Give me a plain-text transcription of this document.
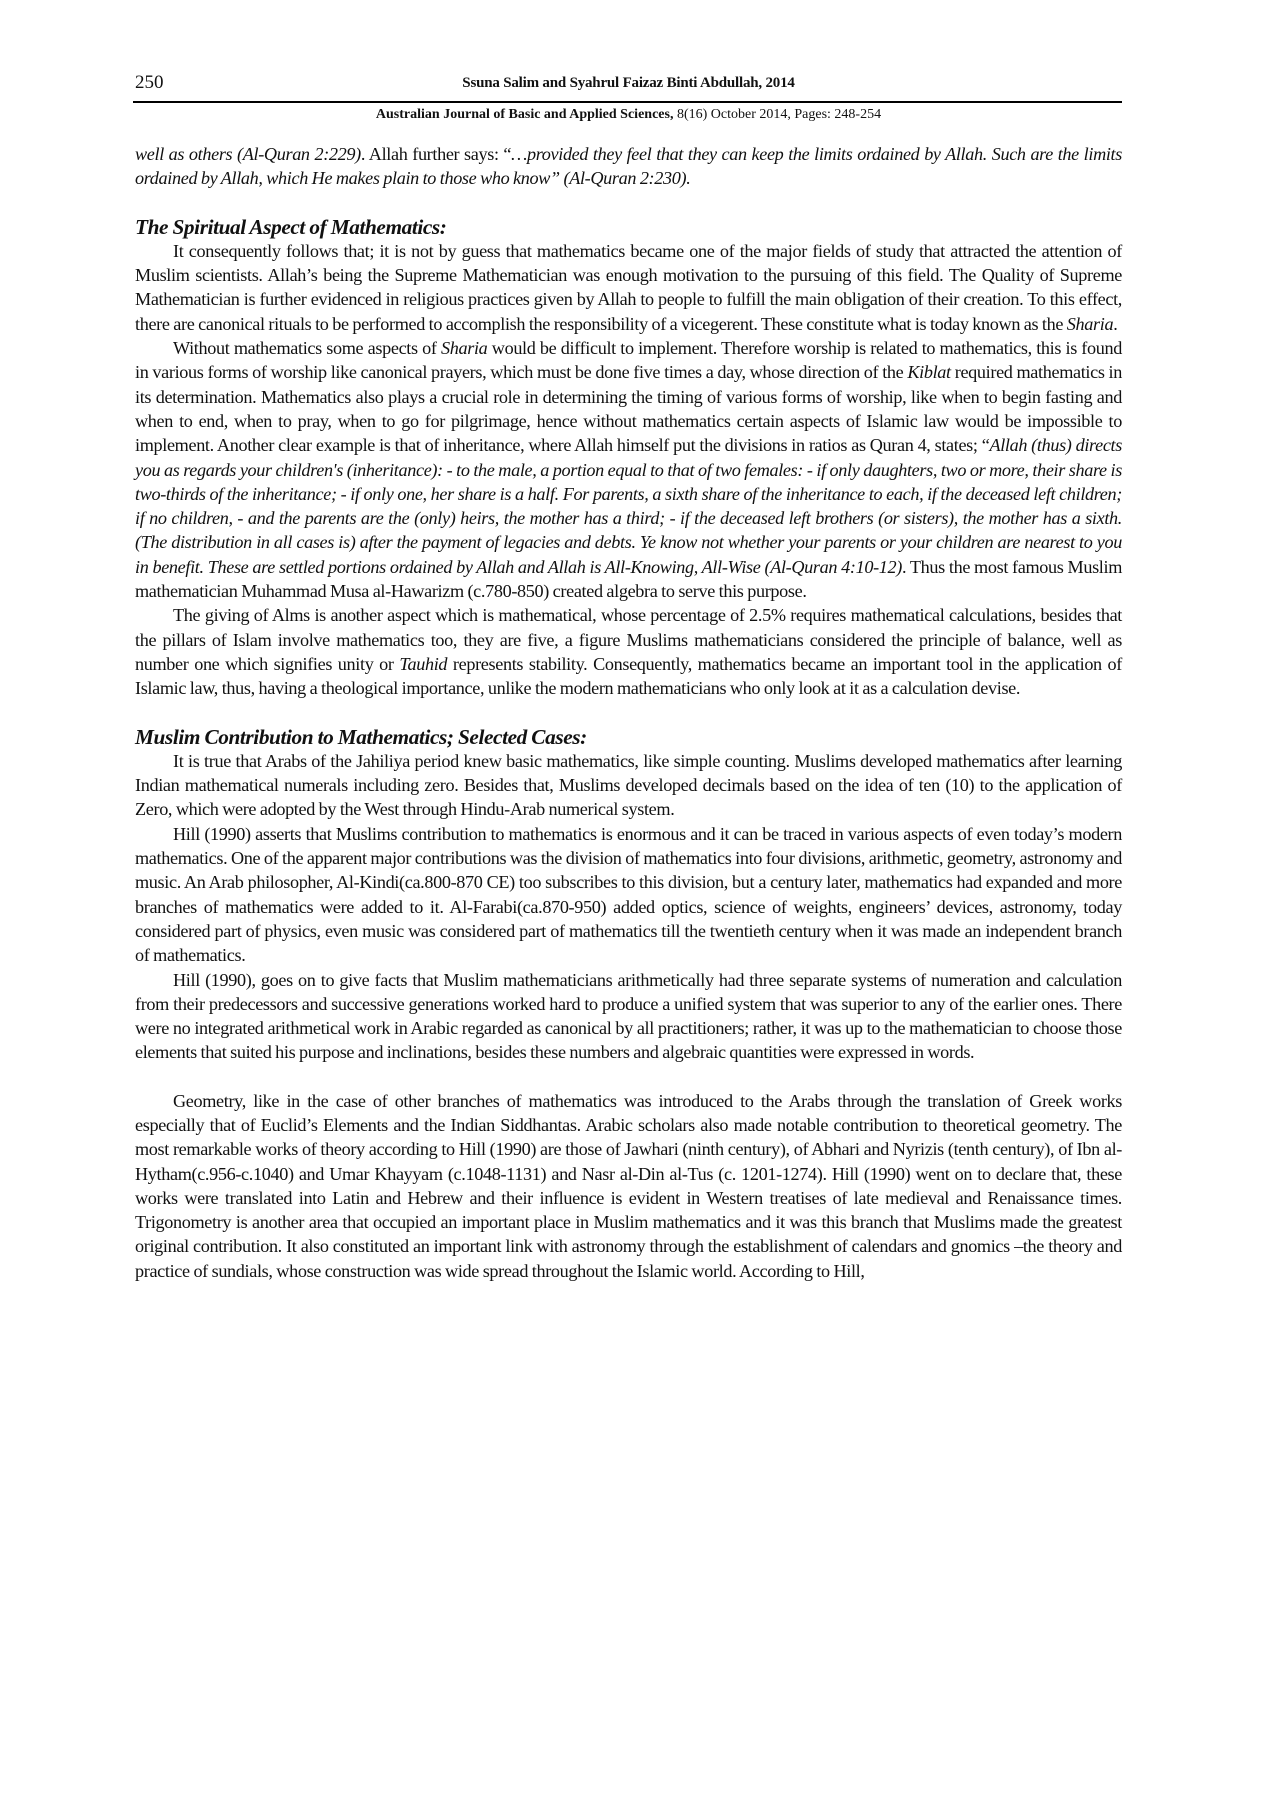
250	Ssuna Salim and Syahrul Faizaz Binti Abdullah, 2014
Australian Journal of Basic and Applied Sciences, 8(16) October 2014, Pages: 248-254

well as others (Al-Quran 2:229). Allah further says: “…provided they feel that they can keep the limits ordained by Allah. Such are the limits ordained by Allah, which He makes plain to those who know” (Al-Quran 2:230).

The Spiritual Aspect of Mathematics:

It consequently follows that; it is not by guess that mathematics became one of the major fields of study that attracted the attention of Muslim scientists. Allah’s being the Supreme Mathematician was enough motivation to the pursuing of this field. The Quality of Supreme Mathematician is further evidenced in religious practices given by Allah to people to fulfill the main obligation of their creation. To this effect, there are canonical rituals to be performed to accomplish the responsibility of a vicegerent. These constitute what is today known as the Sharia.

Without mathematics some aspects of Sharia would be difficult to implement. Therefore worship is related to mathematics, this is found in various forms of worship like canonical prayers, which must be done five times a day, whose direction of the Kiblat required mathematics in its determination. Mathematics also plays a crucial role in determining the timing of various forms of worship, like when to begin fasting and when to end, when to pray, when to go for pilgrimage, hence without mathematics certain aspects of Islamic law would be impossible to implement. Another clear example is that of inheritance, where Allah himself put the divisions in ratios as Quran 4, states; “Allah (thus) directs you as regards your children's (inheritance): - to the male, a portion equal to that of two females: - if only daughters, two or more, their share is two-thirds of the inheritance; - if only one, her share is a half. For parents, a sixth share of the inheritance to each, if the deceased left children; if no children, - and the parents are the (only) heirs, the mother has a third; - if the deceased left brothers (or sisters), the mother has a sixth. (The distribution in all cases is) after the payment of legacies and debts. Ye know not whether your parents or your children are nearest to you in benefit. These are settled portions ordained by Allah and Allah is All-Knowing, All-Wise (Al-Quran 4:10-12). Thus the most famous Muslim mathematician Muhammad Musa al-Hawarizm (c.780-850) created algebra to serve this purpose.

The giving of Alms is another aspect which is mathematical, whose percentage of 2.5% requires mathematical calculations, besides that the pillars of Islam involve mathematics too, they are five, a figure Muslims mathematicians considered the principle of balance, well as number one which signifies unity or Tauhid represents stability. Consequently, mathematics became an important tool in the application of Islamic law, thus, having a theological importance, unlike the modern mathematicians who only look at it as a calculation devise.

Muslim Contribution to Mathematics; Selected Cases:

It is true that Arabs of the Jahiliya period knew basic mathematics, like simple counting. Muslims developed mathematics after learning Indian mathematical numerals including zero. Besides that, Muslims developed decimals based on the idea of ten (10) to the application of Zero, which were adopted by the West through Hindu-Arab numerical system.

Hill (1990) asserts that Muslims contribution to mathematics is enormous and it can be traced in various aspects of even today’s modern mathematics. One of the apparent major contributions was the division of mathematics into four divisions, arithmetic, geometry, astronomy and music. An Arab philosopher, Al-Kindi(ca.800-870 CE) too subscribes to this division, but a century later, mathematics had expanded and more branches of mathematics were added to it. Al-Farabi(ca.870-950) added optics, science of weights, engineers’ devices, astronomy, today considered part of physics, even music was considered part of mathematics till the twentieth century when it was made an independent branch of mathematics.

Hill (1990), goes on to give facts that Muslim mathematicians arithmetically had three separate systems of numeration and calculation from their predecessors and successive generations worked hard to produce a unified system that was superior to any of the earlier ones. There were no integrated arithmetical work in Arabic regarded as canonical by all practitioners; rather, it was up to the mathematician to choose those elements that suited his purpose and inclinations, besides these numbers and algebraic quantities were expressed in words.

Geometry, like in the case of other branches of mathematics was introduced to the Arabs through the translation of Greek works especially that of Euclid’s Elements and the Indian Siddhantas. Arabic scholars also made notable contribution to theoretical geometry. The most remarkable works of theory according to Hill (1990) are those of Jawhari (ninth century), of Abhari and Nyrizis (tenth century), of Ibn al-Hytham(c.956-c.1040) and Umar Khayyam (c.1048-1131) and Nasr al-Din al-Tus (c. 1201-1274). Hill (1990) went on to declare that, these works were translated into Latin and Hebrew and their influence is evident in Western treatises of late medieval and Renaissance times. Trigonometry is another area that occupied an important place in Muslim mathematics and it was this branch that Muslims made the greatest original contribution. It also constituted an important link with astronomy through the establishment of calendars and gnomics –the theory and practice of sundials, whose construction was wide spread throughout the Islamic world. According to Hill,
